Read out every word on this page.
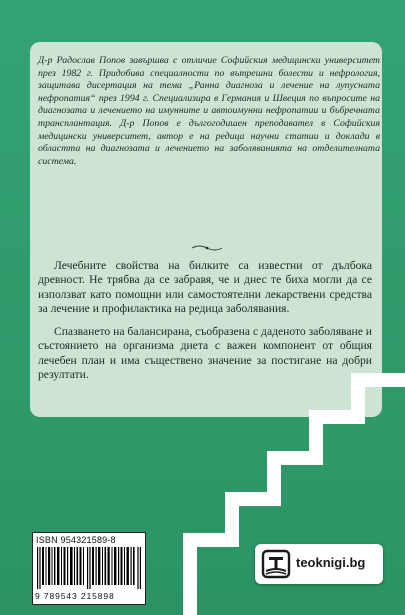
Д-р Радослав Попов завършва с отличие Софийския медицински университет през 1982 г. Придобива специалности по вътрешни болести и нефрология, защитава дисертация на тема „Ранна диагноза и лечение на лупусната нефропатия“ през 1994 г. Специализира в Германия и Швеция по въпросите на диагнозата и лечението на имунните и автоимунни нефропатии и бъбречната трансплантация. Д-р Попов е дългогодишен преподавател в Софийския медицински университет, автор е на редица научни статии и доклади в областта на диагнозата и лечението на заболяванията на отделителната система.

Лечебните свойства на билките са известни от дълбока древност. Не трябва да се забравя, че и днес те биха могли да се използват като помощни или самостоятелни лекарствени средства за лечение и профилактика на редица заболявания.

Спазването на балансирана, съобразена с даденото заболяване и състоянието на организма диета с важен компонент от общия лечебен план и има съществено значение за постигане на добри резултати.

ISBN 954321589-8
9 789543 215898
teoknigi.bg
